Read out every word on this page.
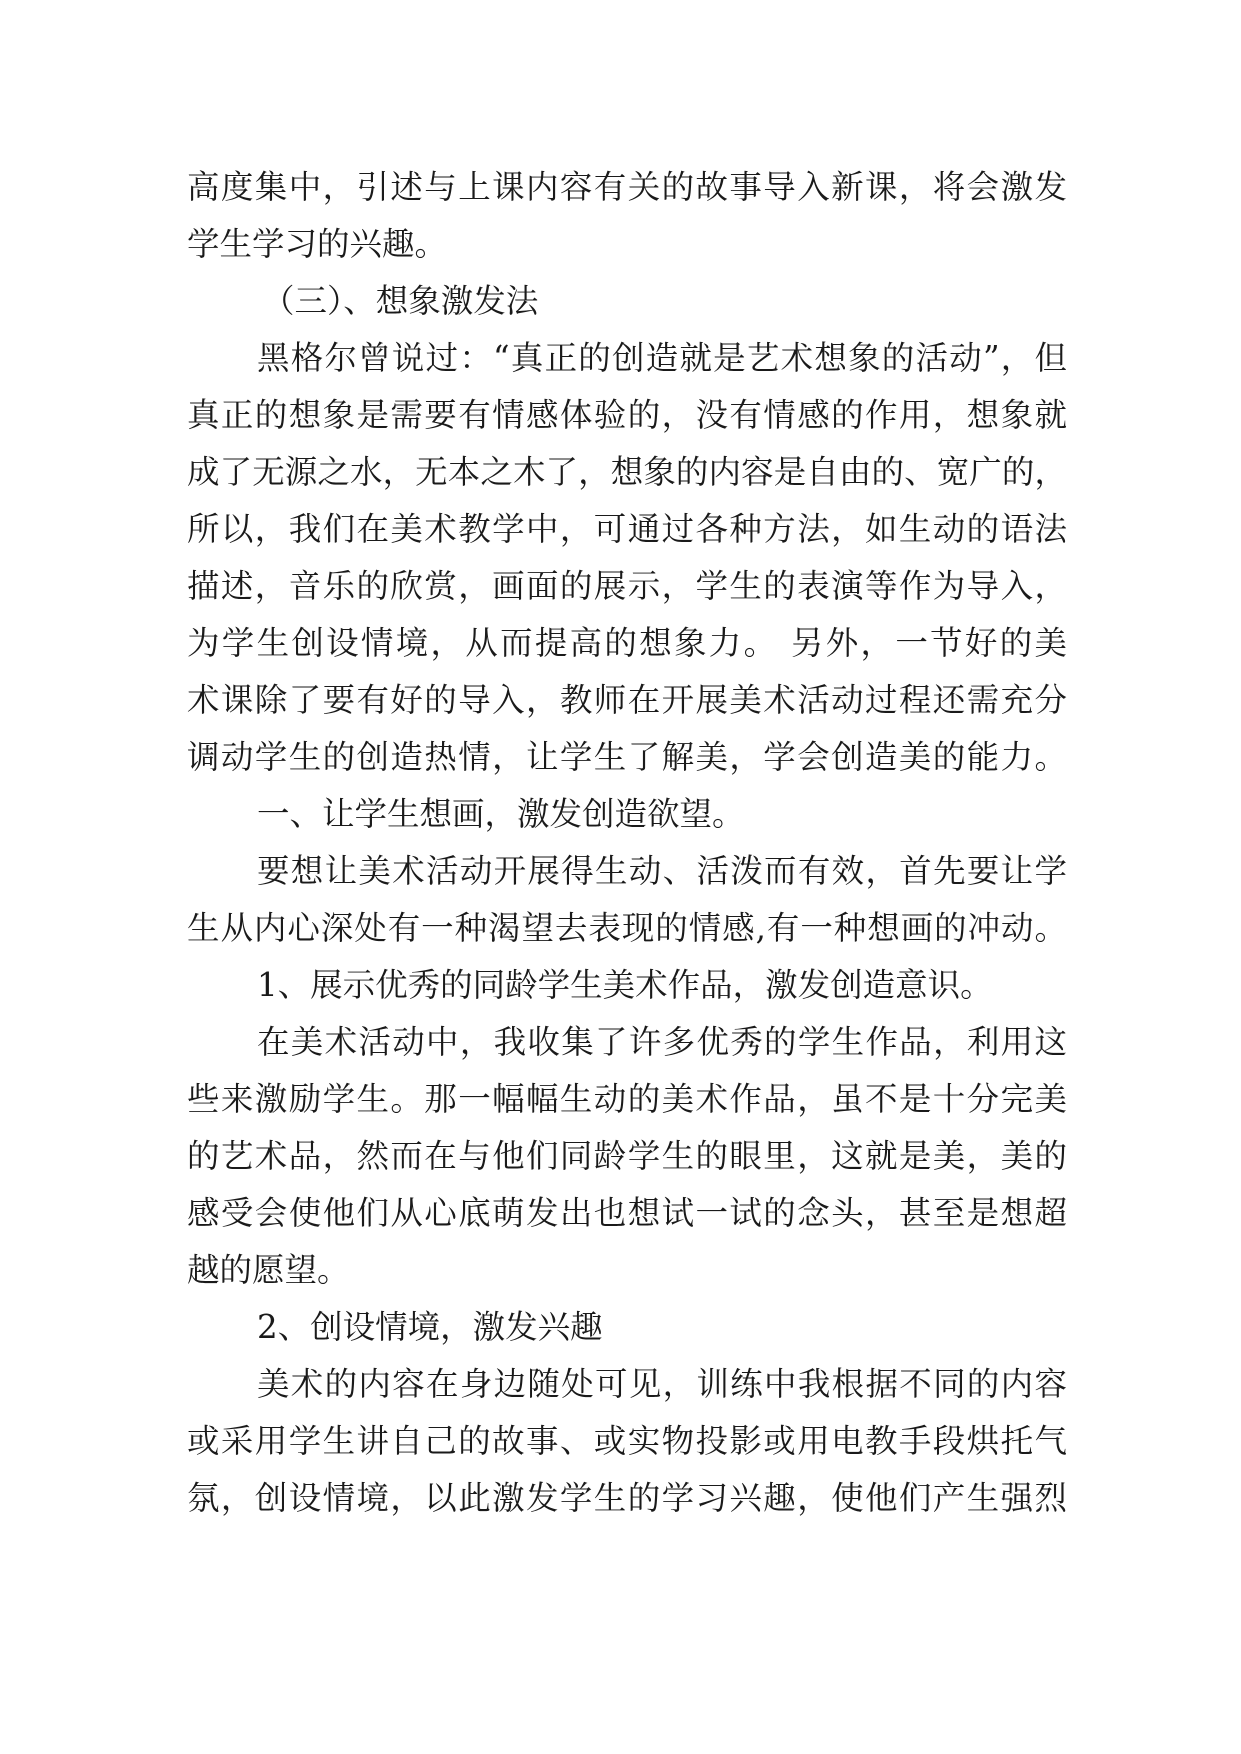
高度集中，引述与上课内容有关的故事导入新课，将会激发
学生学习的兴趣。
（三）、想象激发法
黑格尔曾说过：“真正的创造就是艺术想象的活动”，但
真正的想象是需要有情感体验的，没有情感的作用，想象就
成了无源之水，无本之木了，想象的内容是自由的、宽广的，
所以，我们在美术教学中，可通过各种方法，如生动的语法
描述，音乐的欣赏，画面的展示，学生的表演等作为导入，
为学生创设情境，从而提高的想象力。 另外，一节好的美
术课除了要有好的导入，教师在开展美术活动过程还需充分
调动学生的创造热情，让学生了解美，学会创造美的能力。
一、让学生想画，激发创造欲望。
要想让美术活动开展得生动、活泼而有效，首先要让学
生从内心深处有一种渴望去表现的情感,有一种想画的冲动。
1、展示优秀的同龄学生美术作品，激发创造意识。
在美术活动中，我收集了许多优秀的学生作品，利用这
些来激励学生。那一幅幅生动的美术作品，虽不是十分完美
的艺术品，然而在与他们同龄学生的眼里，这就是美，美的
感受会使他们从心底萌发出也想试一试的念头，甚至是想超
越的愿望。
2、创设情境，激发兴趣
美术的内容在身边随处可见，训练中我根据不同的内容
或采用学生讲自己的故事、或实物投影或用电教手段烘托气
氛，创设情境，以此激发学生的学习兴趣，使他们产生强烈
